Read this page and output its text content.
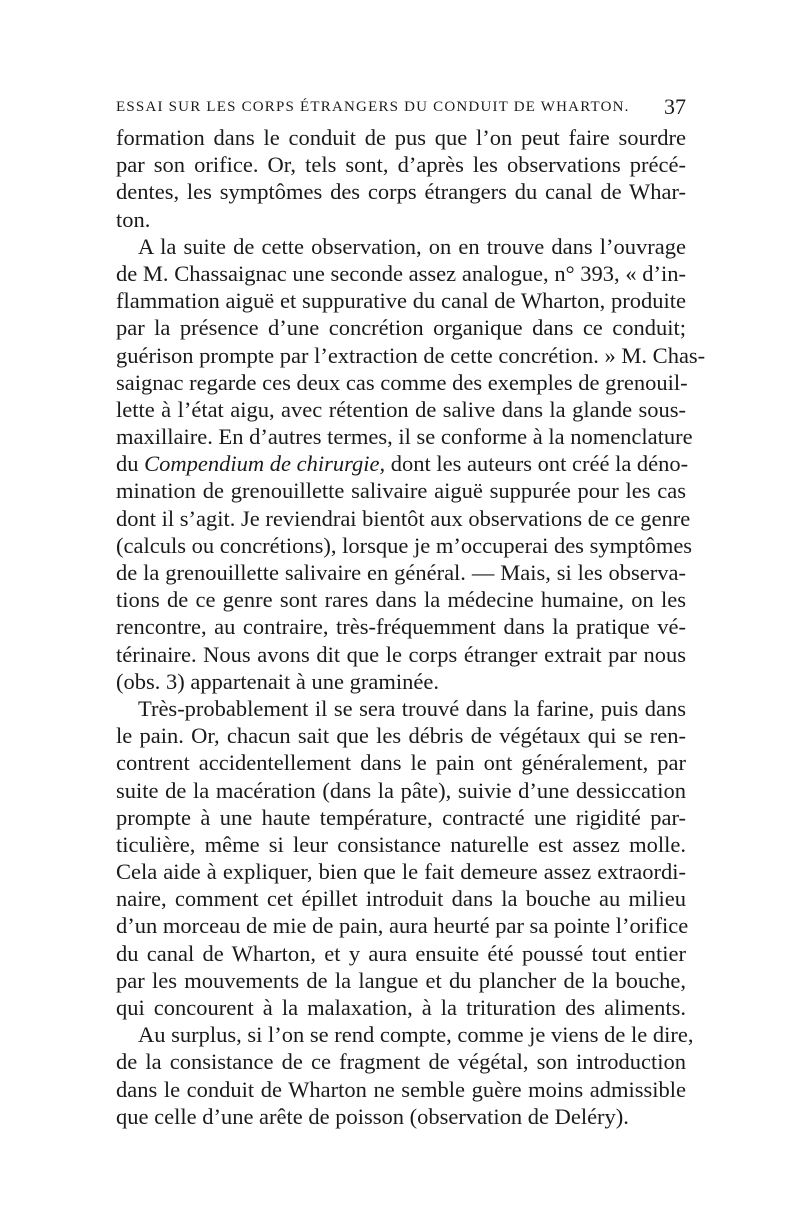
ESSAI SUR LES CORPS ÉTRANGERS DU CONDUIT DE WHARTON. 37
formation dans le conduit de pus que l’on peut faire sourdre
par son orifice. Or, tels sont, d’après les observations précé-
dentes, les symptômes des corps étrangers du canal de Whar-
ton.
A la suite de cette observation, on en trouve dans l’ouvrage
de M. Chassaignac une seconde assez analogue, n° 393, « d’in-
flammation aiguë et suppurative du canal de Wharton, produite
par la présence d’une concrétion organique dans ce conduit;
guérison prompte par l’extraction de cette concrétion. » M. Chas-
saignac regarde ces deux cas comme des exemples de grenouil-
lette à l’état aigu, avec rétention de salive dans la glande sous-
maxillaire. En d’autres termes, il se conforme à la nomenclature
du Compendium de chirurgie, dont les auteurs ont créé la déno-
mination de grenouillette salivaire aiguë suppurée pour les cas
dont il s’agit. Je reviendrai bientôt aux observations de ce genre
(calculs ou concrétions), lorsque je m’occuperai des symptômes
de la grenouillette salivaire en général. — Mais, si les observa-
tions de ce genre sont rares dans la médecine humaine, on les
rencontre, au contraire, très-fréquemment dans la pratique vé-
térinaire. Nous avons dit que le corps étranger extrait par nous
(obs. 3) appartenait à une graminée.
Très-probablement il se sera trouvé dans la farine, puis dans
le pain. Or, chacun sait que les débris de végétaux qui se ren-
contrent accidentellement dans le pain ont généralement, par
suite de la macération (dans la pâte), suivie d’une dessiccation
prompte à une haute température, contracté une rigidité par-
ticulière, même si leur consistance naturelle est assez molle.
Cela aide à expliquer, bien que le fait demeure assez extraordi-
naire, comment cet épillet introduit dans la bouche au milieu
d’un morceau de mie de pain, aura heurté par sa pointe l’orifice
du canal de Wharton, et y aura ensuite été poussé tout entier
par les mouvements de la langue et du plancher de la bouche,
qui concourent à la malaxation, à la trituration des aliments.
Au surplus, si l’on se rend compte, comme je viens de le dire,
de la consistance de ce fragment de végétal, son introduction
dans le conduit de Wharton ne semble guère moins admissible
que celle d’une arête de poisson (observation de Deléry).
